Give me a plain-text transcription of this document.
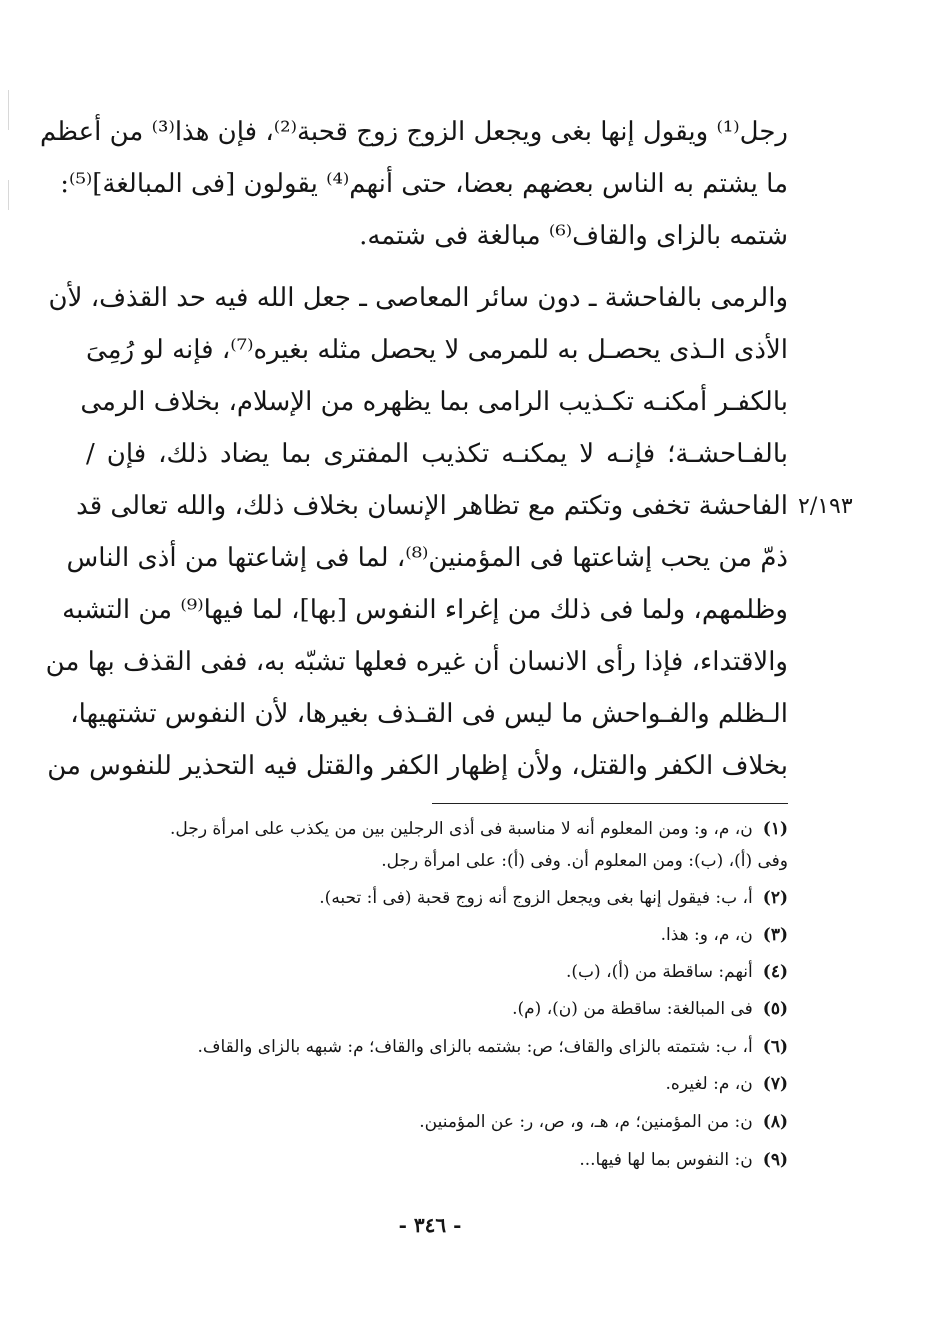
رجل⁽¹⁾ ويقول إنها بغى ويجعل الزوج زوج قحبة⁽²⁾، فإن هذا⁽³⁾ من أعظم
ما يشتم به الناس بعضهم بعضا، حتى أنهم⁽⁴⁾ يقولون [فى المبالغة]⁽⁵⁾:
شتمه بالزاى والقاف⁽⁶⁾ مبالغة فى شتمه.
والرمى بالفاحشة ـ دون سائر المعاصى ـ جعل الله فيه حد القذف، لأن
الأذى الـذى يحصـل به للمرمى لا يحصل مثله بغيره⁽⁷⁾، فإنه لو رُمِىَ
بالكفـر أمكنـه تكـذيب الرامى بما يظهره من الإسلام، بخلاف الرمى
بالفـاحشـة؛ فإنـه لا يمكنـه تكذيب المفترى بما يضاد ذلك، فإن /
الفاحشة تخفى وتكتم مع تظاهر الإنسان بخلاف ذلك، والله تعالى قد
ذمّ من يحب إشاعتها فى المؤمنين⁽⁸⁾، لما فى إشاعتها من أذى الناس
وظلمهم، ولما فى ذلك من إغراء النفوس [بها]، لما فيها⁽⁹⁾ من التشبه
والاقتداء، فإذا رأى الانسان أن غيره فعلها تشبّه به، ففى القذف بها من
الـظلم والفـواحش ما ليس فى القـذف بغيرها، لأن النفوس تشتهيها،
بخلاف الكفر والقتل، ولأن إظهار الكفر والقتل فيه التحذير للنفوس من
٢/١٩٣
(١)ن، م، و: ومن المعلوم أنه لا مناسبة فى أذى الرجلين بين من يكذب على امرأة رجل.
وفى (أ)، (ب): ومن المعلوم أن. وفى (أ): على امرأة رجل.
(٢)أ، ب: فيقول إنها بغى ويجعل الزوج أنه زوج قحبة (فى أ: تحبه).
(٣)ن، م، و: هذا.
(٤)أنهم: ساقطة من (أ)، (ب).
(٥)فى المبالغة: ساقطة من (ن)، (م).
(٦)أ، ب: شتمته بالزاى والقاف؛ ص: بشتمه بالزاى والقاف؛ م: شبهه بالزاى والقاف.
(٧)ن، م: لغيره.
(٨)ن: من المؤمنين؛ م، هـ، و، ص، ر: عن المؤمنين.
(٩)ن: النفوس بما لها فيها...
- ٣٤٦ -
